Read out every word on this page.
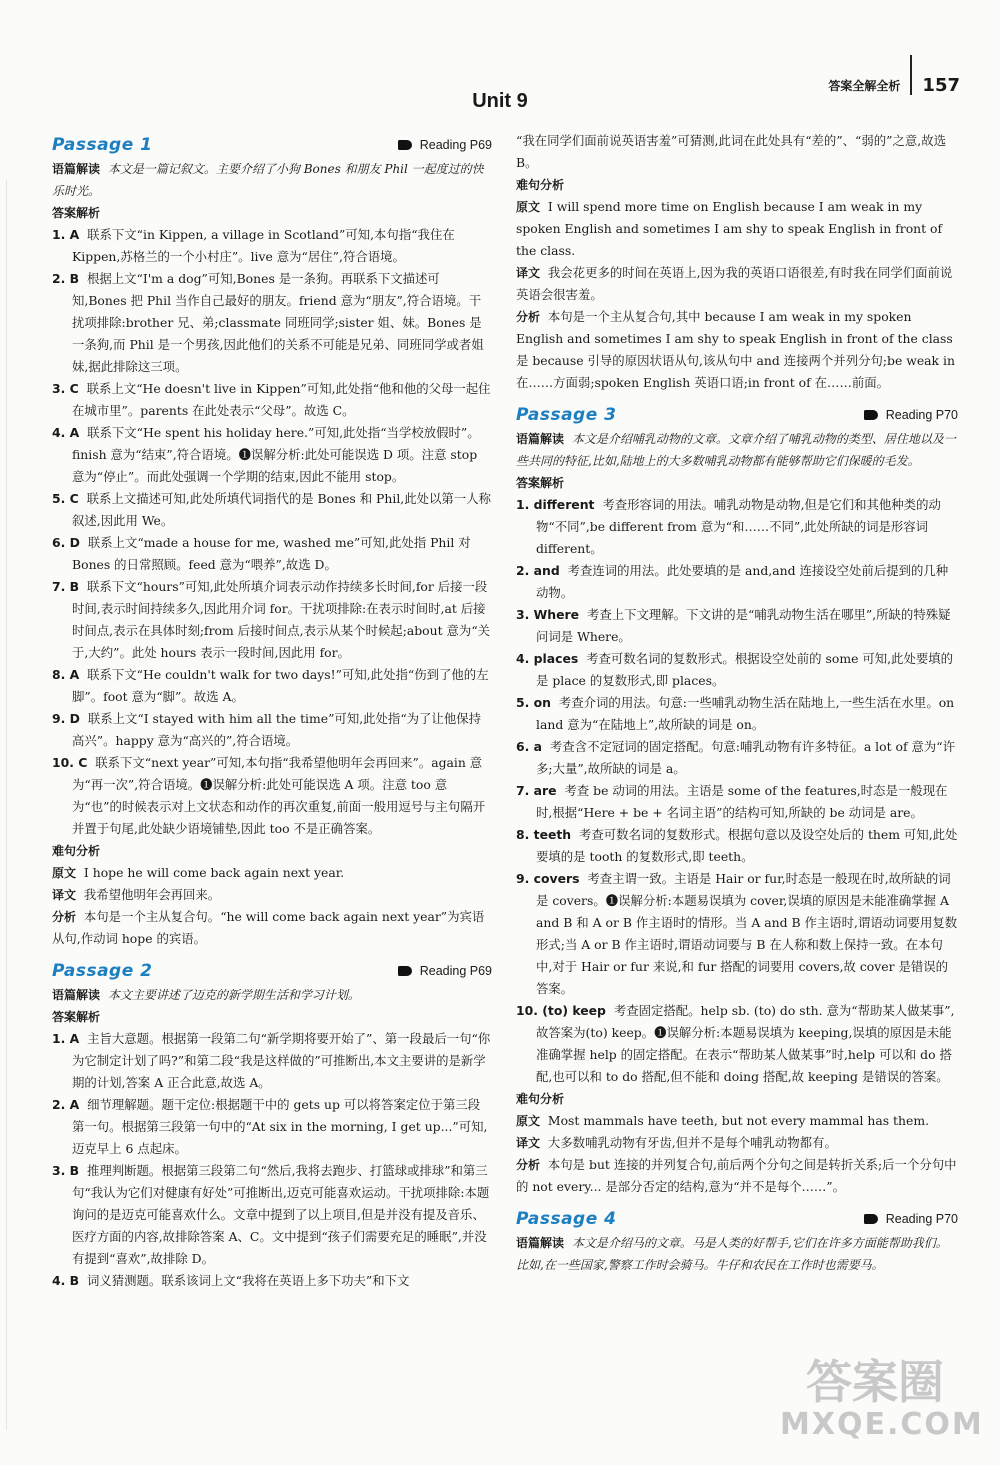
答案全解全析 157
Unit 9
Passage 1	Reading P69

语篇解读 本文是一篇记叙文。主要介绍了小狗 Bones 和朋友 Phil 一起度过的快乐时光。

答案解析

1. A 联系下文“in Kippen, a village in Scotland”可知,本句指“我住在Kippen,苏格兰的一个小村庄”。live 意为“居住”,符合语境。

2. B 根据上文“I'm a dog”可知,Bones 是一条狗。再联系下文描述可知,Bones 把 Phil 当作自己最好的朋友。friend 意为“朋友”,符合语境。干扰项排除:brother 兄、弟;classmate 同班同学;sister 姐、妹。Bones 是一条狗,而 Phil 是一个男孩,因此他们的关系不可能是兄弟、同班同学或者姐妹,据此排除这三项。

3. C 联系上文“He doesn't live in Kippen”可知,此处指“他和他的父母一起住在城市里”。parents 在此处表示“父母”。故选 C。

4. A 联系下文“He spent his holiday here.”可知,此处指“当学校放假时”。finish 意为“结束”,符合语境。❶误解分析:此处可能误选 D 项。注意 stop 意为“停止”。而此处强调一个学期的结束,因此不能用 stop。

5. C 联系上文描述可知,此处所填代词指代的是 Bones 和 Phil,此处以第一人称叙述,因此用 We。

6. D 联系上文“made a house for me, washed me”可知,此处指 Phil 对 Bones 的日常照顾。feed 意为“喂养”,故选 D。

7. B 联系下文“hours”可知,此处所填介词表示动作持续多长时间,for 后接一段时间,表示时间持续多久,因此用介词 for。干扰项排除:在表示时间时,at 后接时间点,表示在具体时刻;from 后接时间点,表示从某个时候起;about 意为“关于,大约”。此处 hours 表示一段时间,因此用 for。

8. A 联系下文“He couldn't walk for two days!”可知,此处指“伤到了他的左脚”。foot 意为“脚”。故选 A。

9. D 联系上文“I stayed with him all the time”可知,此处指“为了让他保持高兴”。happy 意为“高兴的”,符合语境。

10. C 联系下文“next year”可知,本句指“我希望他明年会再回来”。again 意为“再一次”,符合语境。❶误解分析:此处可能误选 A 项。注意 too 意为“也”的时候表示对上文状态和动作的再次重复,前面一般用逗号与主句隔开并置于句尾,此处缺少语境铺垫,因此 too 不是正确答案。

难句分析

原文 I hope he will come back again next year.

译文 我希望他明年会再回来。

分析 本句是一个主从复合句。“he will come back again next year”为宾语从句,作动词 hope 的宾语。

Passage 2	Reading P69

语篇解读 本文主要讲述了迈克的新学期生活和学习计划。

答案解析

1. A 主旨大意题。根据第一段第二句“新学期将要开始了”、第一段最后一句“你为它制定计划了吗?”和第二段“我是这样做的”可推断出,本文主要讲的是新学期的计划,答案 A 正合此意,故选 A。

2. A 细节理解题。题干定位:根据题干中的 gets up 可以将答案定位于第三段第一句。根据第三段第一句中的“At six in the morning, I get up...”可知,迈克早上 6 点起床。

3. B 推理判断题。根据第三段第二句“然后,我将去跑步、打篮球或排球”和第三句“我认为它们对健康有好处”可推断出,迈克可能喜欢运动。干扰项排除:本题询问的是迈克可能喜欢什么。文章中提到了以上项目,但是并没有提及音乐、医疗方面的内容,故排除答案 A、C。文中提到“孩子们需要充足的睡眠”,并没有提到“喜欢”,故排除 D。

4. B 词义猜测题。联系该词上文“我将在英语上多下功夫”和下文

“我在同学们面前说英语害羞”可猜测,此词在此处具有“差的”、“弱的”之意,故选 B。

难句分析

原文 I will spend more time on English because I am weak in my spoken English and sometimes I am shy to speak English in front of the class.

译文 我会花更多的时间在英语上,因为我的英语口语很差,有时我在同学们面前说英语会很害羞。

分析 本句是一个主从复合句,其中 because I am weak in my spoken English and sometimes I am shy to speak English in front of the class 是 because 引导的原因状语从句,该从句中 and 连接两个并列分句;be weak in 在……方面弱;spoken English 英语口语;in front of 在……前面。

Passage 3	Reading P70

语篇解读 本文是介绍哺乳动物的文章。文章介绍了哺乳动物的类型、居住地以及一些共同的特征,比如,陆地上的大多数哺乳动物都有能够帮助它们保暖的毛发。

答案解析

1. different 考查形容词的用法。哺乳动物是动物,但是它们和其他种类的动物“不同”,be different from 意为“和……不同”,此处所缺的词是形容词 different。

2. and 考查连词的用法。此处要填的是 and,and 连接设空处前后提到的几种动物。

3. Where 考查上下文理解。下文讲的是“哺乳动物生活在哪里”,所缺的特殊疑问词是 Where。

4. places 考查可数名词的复数形式。根据设空处前的 some 可知,此处要填的是 place 的复数形式,即 places。

5. on 考查介词的用法。句意:一些哺乳动物生活在陆地上,一些生活在水里。on land 意为“在陆地上”,故所缺的词是 on。

6. a 考查含不定冠词的固定搭配。句意:哺乳动物有许多特征。a lot of 意为“许多;大量”,故所缺的词是 a。

7. are 考查 be 动词的用法。主语是 some of the features,时态是一般现在时,根据“Here + be + 名词主语”的结构可知,所缺的 be 动词是 are。

8. teeth 考查可数名词的复数形式。根据句意以及设空处后的 them 可知,此处要填的是 tooth 的复数形式,即 teeth。

9. covers 考查主谓一致。主语是 Hair or fur,时态是一般现在时,故所缺的词是 covers。❶误解分析:本题易误填为 cover,误填的原因是未能准确掌握 A and B 和 A or B 作主语时的情形。当 A and B 作主语时,谓语动词要用复数形式;当 A or B 作主语时,谓语动词要与 B 在人称和数上保持一致。在本句中,对于 Hair or fur 来说,和 fur 搭配的词要用 covers,故 cover 是错误的答案。

10. (to) keep 考查固定搭配。help sb. (to) do sth. 意为“帮助某人做某事”,故答案为(to) keep。❶误解分析:本题易误填为 keeping,误填的原因是未能准确掌握 help 的固定搭配。在表示“帮助某人做某事”时,help 可以和 do 搭配,也可以和 to do 搭配,但不能和 doing 搭配,故 keeping 是错误的答案。

难句分析

原文 Most mammals have teeth, but not every mammal has them.

译文 大多数哺乳动物有牙齿,但并不是每个哺乳动物都有。

分析 本句是 but 连接的并列复合句,前后两个分句之间是转折关系;后一个分句中的 not every... 是部分否定的结构,意为“并不是每个……”。

Passage 4	Reading P70

语篇解读 本文是介绍马的文章。马是人类的好帮手,它们在许多方面能帮助我们。比如,在一些国家,警察工作时会骑马。牛仔和农民在工作时也需要马。

答案圈
MXQE.COM
